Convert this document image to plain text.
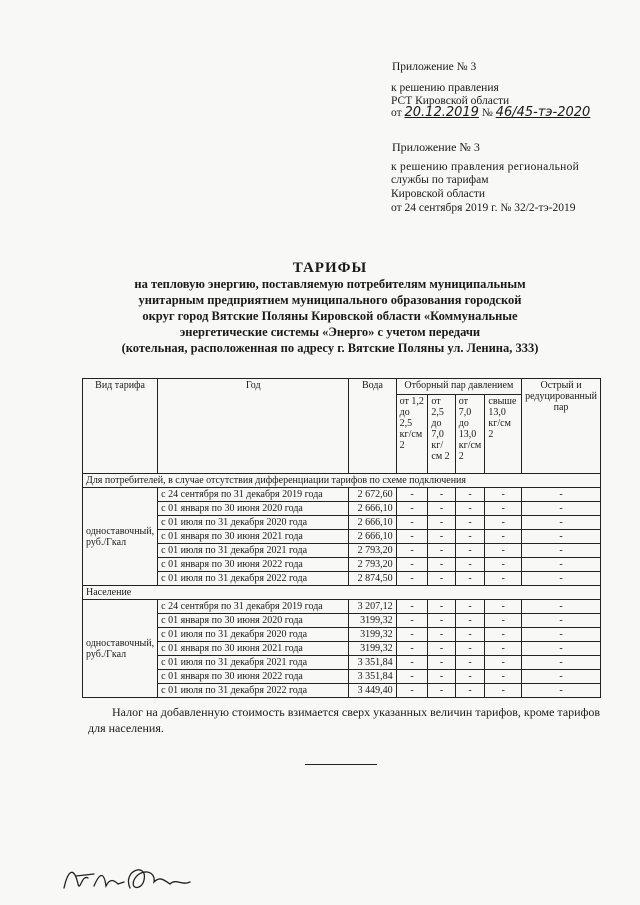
Приложение № 3
к решению правления
РСТ Кировской области
от 20.12.2019 № 46/45-тэ-2020
Приложение № 3
к решению правления региональной
службы по тарифам
Кировской области
от 24 сентября 2019 г. № 32/2-тэ-2019
ТАРИФЫ
на тепловую энергию, поставляемую потребителям муниципальным
унитарным предприятием муниципального образования городской
округ город Вятские Поляны Кировской области «Коммунальные
энергетические системы «Энерго» с учетом передачи
(котельная, расположенная по адресу г. Вятские Поляны ул. Ленина, 333)
Вид тарифа	Год	Вода	Отборный пар давлением				Острый и редуцированный пар
			от 1,2 до 2,5 кг/см 2	от 2,5 до 7,0 кг/см 2	от 7,0 до 13,0 кг/см 2	свыше 13,0 кг/см 2	
Для потребителей, в случае отсутствия дифференциации тарифов по схеме подключения							
одноставочный, руб./Гкал	с 24 сентября по 31 декабря 2019 года	2 672,60	-	-	-	-	-
	с 01 января по 30 июня 2020 года	2 666,10	-	-	-	-	-
	с 01 июля по 31 декабря 2020 года	2 666,10	-	-	-	-	-
	с 01 января по 30 июня 2021 года	2 666,10	-	-	-	-	-
	с 01 июля по 31 декабря 2021 года	2 793,20	-	-	-	-	-
	с 01 января по 30 июня 2022 года	2 793,20	-	-	-	-	-
	с 01 июля по 31 декабря 2022 года	2 874,50	-	-	-	-	-
Население							
одноставочный, руб./Гкал	с 24 сентября по 31 декабря 2019 года	3 207,12	-	-	-	-	-
	с 01 января по 30 июня 2020 года	3199,32	-	-	-	-	-
	с 01 июля по 31 декабря 2020 года	3199,32	-	-	-	-	-
	с 01 января по 30 июня 2021 года	3199,32	-	-	-	-	-
	с 01 июля по 31 декабря 2021 года	3 351,84	-	-	-	-	-
	с 01 января по 30 июня 2022 года	3 351,84	-	-	-	-	-
	с 01 июля по 31 декабря 2022 года	3 449,40	-	-	-	-	-
Налог на добавленную стоимость взимается сверх указанных величин тарифов, кроме тарифов для населения.
